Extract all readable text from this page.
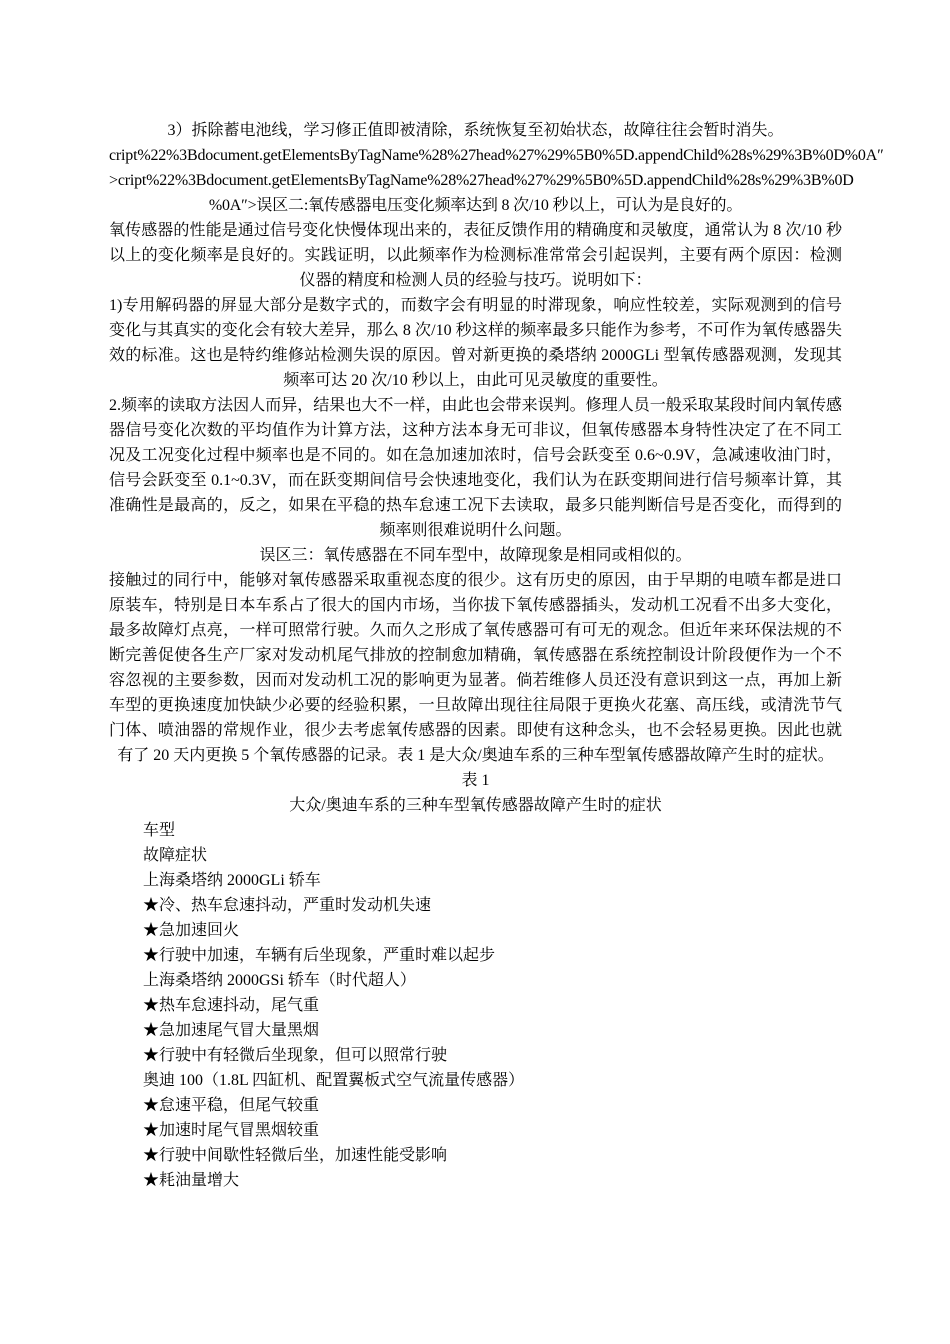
3）拆除蓄电池线，学习修正值即被清除，系统恢复至初始状态，故障往往会暂时消失。

cript%22%3Bdocument.getElementsByTagName%28%27head%27%29%5B0%5D.appendChild%28s%29%3B%0D%0A″
>cript%22%3Bdocument.getElementsByTagName%28%27head%27%29%5B0%5D.appendChild%28s%29%3B%0D
%0A″>误区二:氧传感器电压变化频率达到 8 次/10 秒以上，可认为是良好的。

氧传感器的性能是通过信号变化快慢体现出来的，表征反馈作用的精确度和灵敏度，通常认为 8 次/10 秒以上的变化频率是良好的。实践证明，以此频率作为检测标准常常会引起误判，主要有两个原因：检测仪器的精度和检测人员的经验与技巧。说明如下：

1)专用解码器的屏显大部分是数字式的，而数字会有明显的时滞现象，响应性较差，实际观测到的信号变化与其真实的变化会有较大差异，那么 8 次/10 秒这样的频率最多只能作为参考，不可作为氧传感器失效的标准。这也是特约维修站检测失误的原因。曾对新更换的桑塔纳 2000GLi 型氧传感器观测，发现其频率可达 20 次/10 秒以上，由此可见灵敏度的重要性。

2.频率的读取方法因人而异，结果也大不一样，由此也会带来误判。修理人员一般采取某段时间内氧传感器信号变化次数的平均值作为计算方法，这种方法本身无可非议，但氧传感器本身特性决定了在不同工况及工况变化过程中频率也是不同的。如在急加速加浓时，信号会跃变至 0.6~0.9V，急减速收油门时，信号会跃变至 0.1~0.3V，而在跃变期间信号会快速地变化，我们认为在跃变期间进行信号频率计算，其准确性是最高的，反之，如果在平稳的热车怠速工况下去读取，最多只能判断信号是否变化，而得到的频率则很难说明什么问题。

误区三：氧传感器在不同车型中，故障现象是相同或相似的。

接触过的同行中，能够对氧传感器采取重视态度的很少。这有历史的原因，由于早期的电喷车都是进口原装车，特别是日本车系占了很大的国内市场，当你拔下氧传感器插头，发动机工况看不出多大变化，最多故障灯点亮，一样可照常行驶。久而久之形成了氧传感器可有可无的观念。但近年来环保法规的不断完善促使各生产厂家对发动机尾气排放的控制愈加精确，氧传感器在系统控制设计阶段便作为一个不容忽视的主要参数，因而对发动机工况的影响更为显著。倘若维修人员还没有意识到这一点，再加上新车型的更换速度加快缺少必要的经验积累，一旦故障出现往往局限于更换火花塞、高压线，或清洗节气门体、喷油器的常规作业，很少去考虑氧传感器的因素。即使有这种念头，也不会轻易更换。因此也就有了 20 天内更换 5 个氧传感器的记录。表 1 是大众/奥迪车系的三种车型氧传感器故障产生时的症状。

表 1

大众/奥迪车系的三种车型氧传感器故障产生时的症状

车型
故障症状
上海桑塔纳 2000GLi 轿车
★冷、热车怠速抖动，严重时发动机失速
★急加速回火
★行驶中加速，车辆有后坐现象，严重时难以起步
上海桑塔纳 2000GSi 轿车（时代超人）
★热车怠速抖动，尾气重
★急加速尾气冒大量黑烟
★行驶中有轻微后坐现象，但可以照常行驶
奥迪 100（1.8L 四缸机、配置翼板式空气流量传感器）
★怠速平稳，但尾气较重
★加速时尾气冒黑烟较重
★行驶中间歇性轻微后坐，加速性能受影响
★耗油量增大
